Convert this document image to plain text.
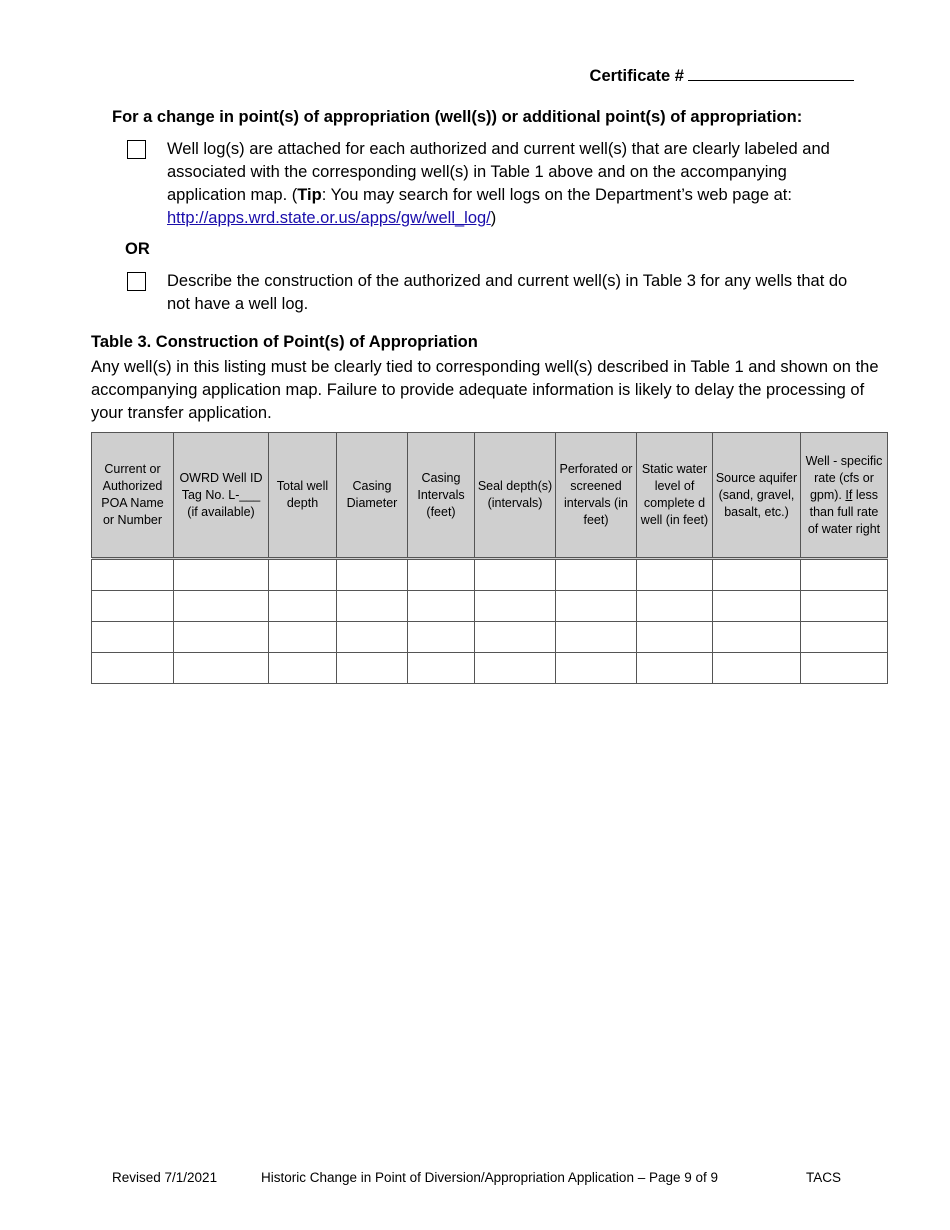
Certificate #
For a change in point(s) of appropriation (well(s)) or additional point(s) of appropriation:
Well log(s) are attached for each authorized and current well(s) that are clearly labeled and associated with the corresponding well(s) in Table 1 above and on the accompanying application map. (Tip: You may search for well logs on the Department’s web page at:
http://apps.wrd.state.or.us/apps/gw/well_log/)
OR
Describe the construction of the authorized and current well(s) in Table 3 for any wells that do not have a well log.
Table 3. Construction of Point(s) of Appropriation
Any well(s) in this listing must be clearly tied to corresponding well(s) described in Table 1 and shown on the accompanying application map. Failure to provide adequate information is likely to delay the processing of your transfer application.
Current or Authorized POA Name or Number	OWRD Well ID Tag No. L-___ (if available)	Total well depth	Casing Diameter	Casing Intervals (feet)	Seal depth(s) (intervals)	Perforated or screened intervals (in feet)	Static water level of complete d well (in feet)	Source aquifer (sand, gravel, basalt, etc.)	Well - specific rate (cfs or gpm). If less than full rate of water right

Revised 7/1/2021	Historic Change in Point of Diversion/Appropriation Application – Page 9 of 9	TACS
